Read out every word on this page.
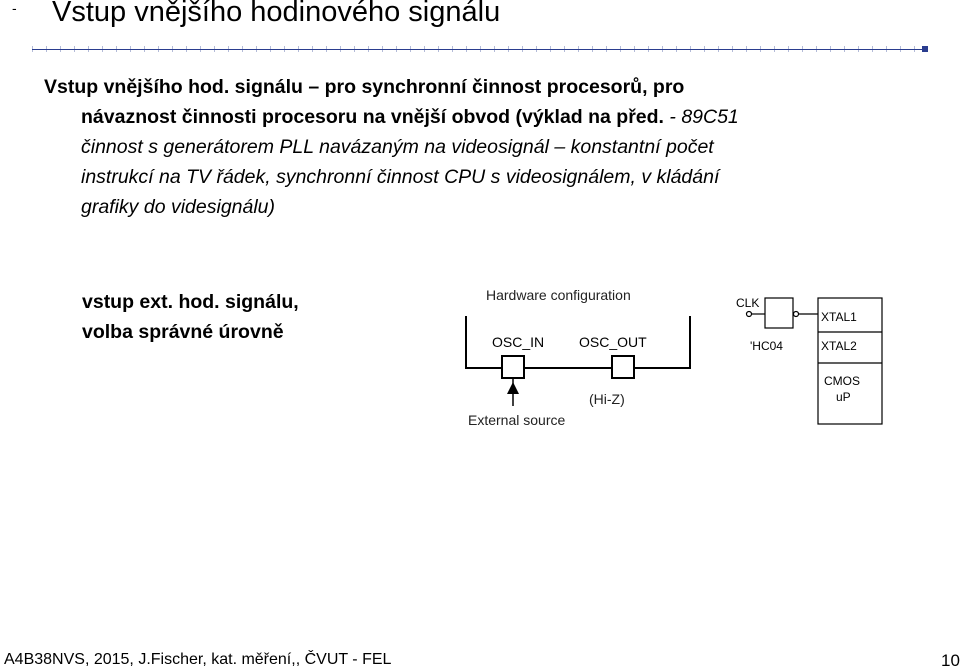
- Vstup vnějšího hodinového signálu
Vstup vnějšího hod. signálu – pro synchronní činnost procesorů, pro
návaznost činnosti procesoru na vnější obvod (výklad na před. - 89C51
činnost s generátorem PLL navázaným na videosignál – konstantní počet
instrukcí na TV řádek, synchronní činnost CPU s videosignálem, v kládání
grafiky do videsignálu)
vstup ext. hod. signálu,
volba správné úrovně
Hardware configuration
OSC_IN OSC_OUT
External source
(Hi-Z)
CLK
'HC04
XTAL1
XTAL2
CMOS
uP
A4B38NVS, 2015, J.Fischer, kat. měření,, ČVUT - FEL	10
